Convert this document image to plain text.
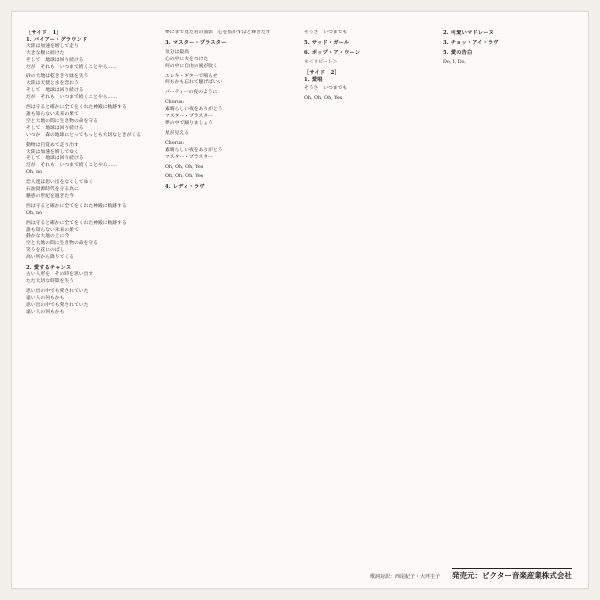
［サイド　1］
1. バイアー・グラウンド
大陸は加速を増して走り
大きな樹に続けた
そして　地球は回り続ける
だが　それも　いつまで続くことやら……
砂の大地は乾ききり緑を失う
大陸は天使と水を恋おう
そして　地球は回り続ける
だが　それも　いつまで続くことやら……
西は守ると確かに全てをくれた神殿に軌跡する
誰も知らない未来の果て
空と大地の間に生き物の命を守る
そして　地球は回り続ける
いつか　森の地球にとってもっとも大切なときがくる
動物は目覚めて走り出す
大陸は加速を増してゆく
そして　地球は回り続ける
だが　それも　いつまで続くことやら……
Oh, no
恋人達は思い出をなくしてゆく
石油資源時代を守る為に
魅惑の世紀を過ぎた今
西は守ると確かに全てをくれた神殿に軌跡する
Oh, no
西は守ると確かに全てをくれた神殿に軌跡する
誰も知らない未来の果て
静かな大地の上に今
空と大地の間に生き物の命を守る
笑うを花にのばし
高い所から降りてくる
2. 愛するチャンス
古い人形を　その時を思い出す
ただ大切な時間を失う
思い出の中でも愛されていた
遠い人の何もかも
思い出の中でも愛されていた
遠い人の何もかも
夢にまで見た君の面影　心を焦がすほど輝きだす
3. マスター・プラスター
気分は最高
心の中に火をつけた
何の中に自由の風が吹く
エレキ・ギターで鳴らせ
何もかも忘れて騒げばいい
パーティーの夜のように
Chorus:
素晴らしい夜をありがとう
マスター・プラスター
夢の中で踊りましょう
星が見える
Chorus:
素晴らしい夜をありがとう
マスター・プラスター
Oh, Oh, Oh, Yes
Oh, Oh, Oh, Yes
4. レディ・ラヴ
そうさ　いつまでも
5. サッド・ガール
6. ポップ・ア・ウーン
＊＜リピート＞
［サイド　2］
1. 愛唱
そうさ　いつまでも
Oh, Oh, Oh, Yes
2. 可愛いマドレーヌ
3. チョッ・アイ・ラヴ
5. 愛の告白
Do, I, Do,
歌詞対訳：西尾紀子・大坪圭子 発売元：ビクター音楽産業株式会社
